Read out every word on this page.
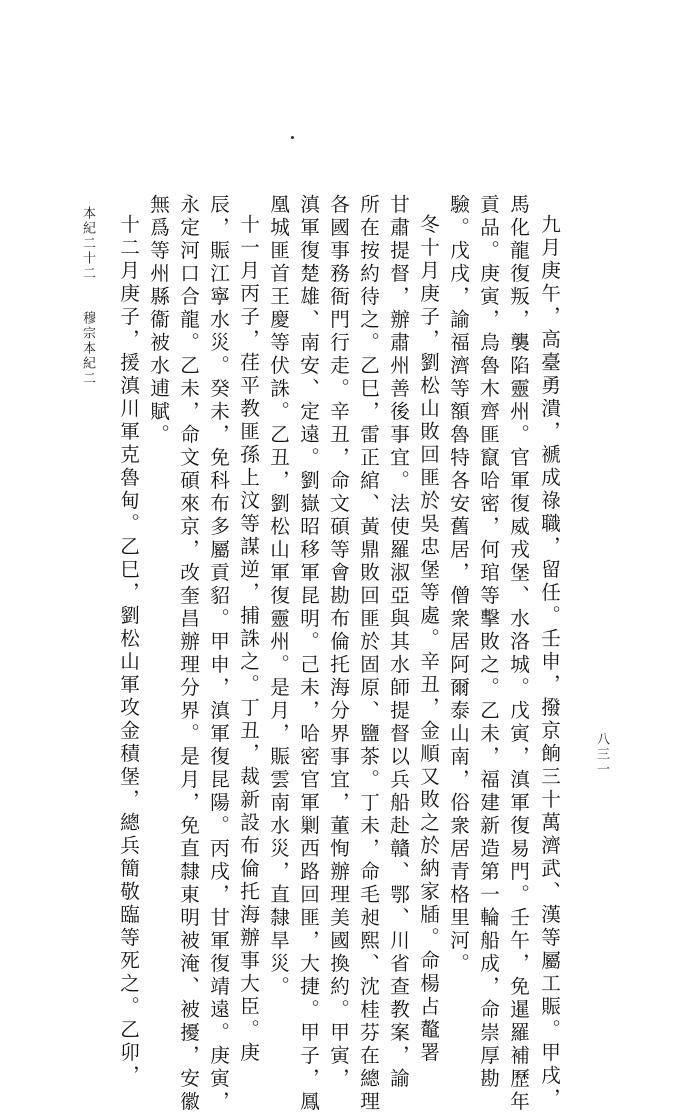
九月庚午，高臺勇潰，褫成祿職，留任。壬申，撥京餉三十萬濟武、漢等屬工賑。甲戌，
馬化龍復叛，襲陷靈州。官軍復威戎堡、水洛城。戊寅，滇軍復易門。壬午，免暹羅補歷年
貢品。庚寅，烏魯木齊匪竄哈密，何琯等擊敗之。乙未，福建新造第一輪船成，命崇厚勘
驗。戊戌，諭福濟等額魯特各安舊居，僧衆居阿爾泰山南，俗衆居青格里河。
冬十月庚子，劉松山敗回匪於吳忠堡等處。辛丑，金順又敗之於納家牐。命楊占鼇署
甘肅提督，辦肅州善後事宜。法使羅淑亞與其水師提督以兵船赴贛、鄂、川省查教案，諭
所在按約待之。乙巳，雷正綰、黃鼎敗回匪於固原、鹽茶。丁未，命毛昶熙、沈桂芬在總理
各國事務衙門行走。辛丑，命文碩等會勘布倫托海分界事宜，董恂辦理美國換約。甲寅，
滇軍復楚雄、南安、定遠。劉嶽昭移軍昆明。己未，哈密官軍剿西路回匪，大捷。甲子，鳳
凰城匪首王慶等伏誅。乙丑，劉松山軍復靈州。是月，賑雲南水災，直隸旱災。
十一月丙子，荏平教匪孫上汶等謀逆，捕誅之。丁丑，裁新設布倫托海辦事大臣。庚
辰，賑江寧水災。癸未，免科布多屬貢貂。甲申，滇軍復昆陽。丙戌，甘軍復靖遠。庚寅，
永定河口合龍。乙未，命文碩來京，改奎昌辦理分界。是月，免直隸東明被淹、被擾，安徽
無爲等州縣衞被水逋賦。
十二月庚子，援滇川軍克魯甸。乙巳，劉松山軍攻金積堡，總兵簡敬臨等死之。乙卯，
本紀二十二　　穆宗本紀二
八三一
